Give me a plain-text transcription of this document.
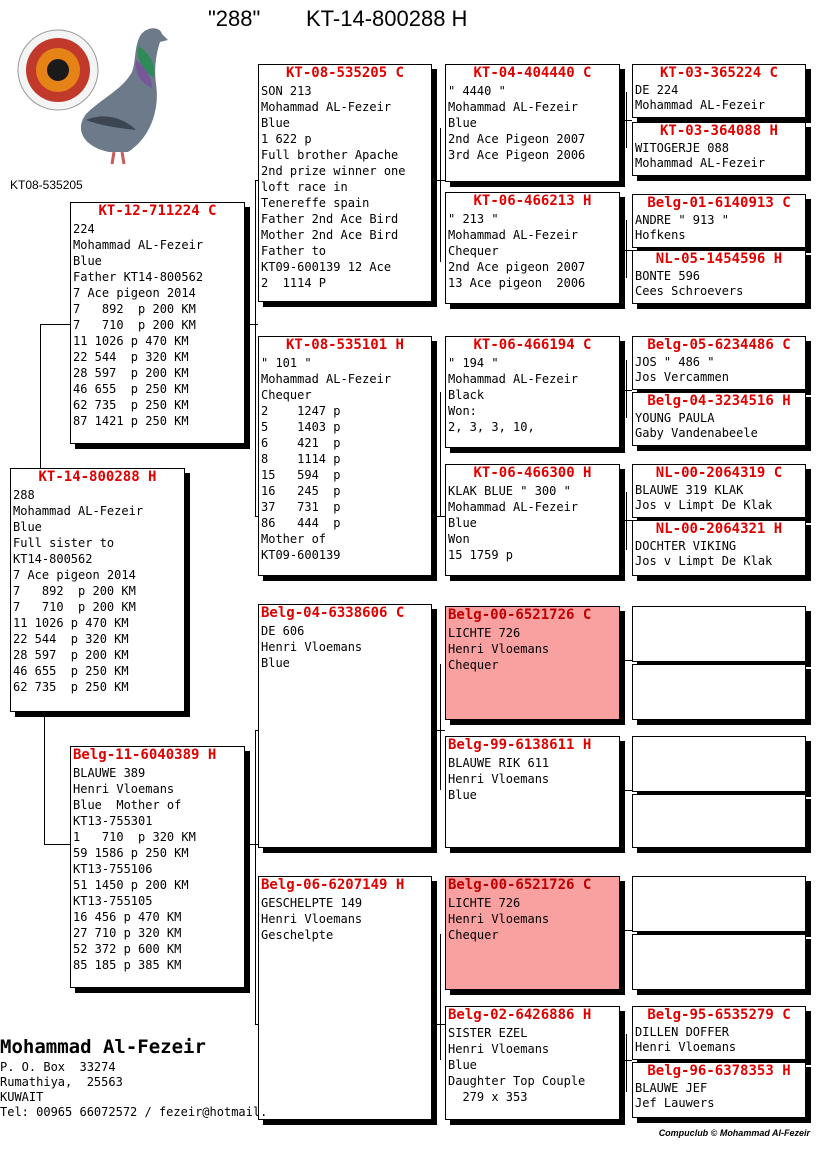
"288" KT-14-800288 H
KT08-535205
KT-14-800288 H
288
Mohammad AL-Fezeir
Blue
Full sister to
KT14-800562
7 Ace pigeon 2014
7   892  p 200 KM
7   710  p 200 KM
11 1026 p 470 KM
22 544  p 320 KM
28 597  p 200 KM
46 655  p 250 KM
62 735  p 250 KM
KT-12-711224 C
224
Mohammad AL-Fezeir
Blue
Father KT14-800562
7 Ace pigeon 2014
7   892  p 200 KM
7   710  p 200 KM
11 1026 p 470 KM
22 544  p 320 KM
28 597  p 200 KM
46 655  p 250 KM
62 735  p 250 KM
87 1421 p 250 KM
Belg-11-6040389 H
BLAUWE 389
Henri Vloemans
Blue  Mother of
KT13-755301
1   710  p 320 KM
59 1586 p 250 KM
KT13-755106
51 1450 p 200 KM
KT13-755105
16 456 p 470 KM
27 710 p 320 KM
52 372 p 600 KM
85 185 p 385 KM
KT-08-535205 C
SON 213
Mohammad AL-Fezeir
Blue
1 622 p
Full brother Apache
2nd prize winner one
loft race in
Tenereffe spain
Father 2nd Ace Bird
Mother 2nd Ace Bird
Father to
KT09-600139 12 Ace
2  1114 P
KT-08-535101 H
" 101 "
Mohammad AL-Fezeir
Chequer
2    1247 p
5    1403 p
6    421  p
8    1114 p
15   594  p
16   245  p
37   731  p
86   444  p
Mother of
KT09-600139
Belg-04-6338606 C
DE 606
Henri Vloemans
Blue
Belg-06-6207149 H
GESCHELPTE 149
Henri Vloemans
Geschelpte
KT-04-404440 C
" 4440 "
Mohammad AL-Fezeir
Blue
2nd Ace Pigeon 2007
3rd Ace Pigeon 2006
KT-06-466213 H
" 213 "
Mohammad AL-Fezeir
Chequer
2nd Ace pigeon 2007
13 Ace pigeon  2006
KT-06-466194 C
" 194 "
Mohammad AL-Fezeir
Black
Won:
2, 3, 3, 10,
KT-06-466300 H
KLAK BLUE " 300 "
Mohammad AL-Fezeir
Blue
Won
15 1759 p
Belg-00-6521726 C
LICHTE 726
Henri Vloemans
Chequer
Belg-99-6138611 H
BLAUWE RIK 611
Henri Vloemans
Blue
Belg-00-6521726 C
LICHTE 726
Henri Vloemans
Chequer
Belg-02-6426886 H
SISTER EZEL
Henri Vloemans
Blue
Daughter Top Couple
279 x 353
KT-03-365224 C
DE 224
Mohammad AL-Fezeir
KT-03-364088 H
WITOGERJE 088
Mohammad AL-Fezeir
Belg-01-6140913 C
ANDRE " 913 "
Hofkens
NL-05-1454596 H
BONTE 596
Cees Schroevers
Belg-05-6234486 C
JOS " 486 "
Jos Vercammen
Belg-04-3234516 H
YOUNG PAULA
Gaby Vandenabeele
NL-00-2064319 C
BLAUWE 319 KLAK
Jos v Limpt De Klak
NL-00-2064321 H
DOCHTER VIKING
Jos v Limpt De Klak
Belg-95-6535279 C
DILLEN DOFFER
Henri Vloemans
Belg-96-6378353 H
BLAUWE JEF
Jef Lauwers
Mohammad Al-Fezeir
P. O. Box  33274
Rumathiya,  25563
KUWAIT
Tel: 00965 66072572 / fezeir@hotmail.
Compuclub © Mohammad Al-Fezeir
